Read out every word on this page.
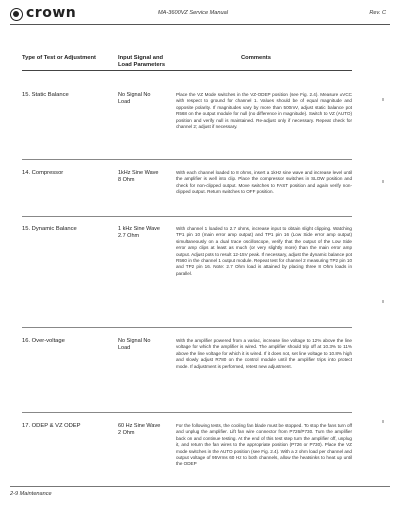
crown	MA-3600VZ Service Manual	Rev. C
Type of Test or Adjustment	Input Signal and Load Parameters
Comments
15. Static Balance	No Signal No Load
Place the VZ Mode switches in the VZ-ODEP position (see Fig. 2.4). Measure ±VCC with respect to ground for channel 1. Values should be of equal magnitude and opposite polarity. If magnitudes vary by more than 500mV, adjust static balance pot R568 on the output module for null (no difference in magnitude). Switch to VZ (AUTO) position and verify null is maintained. Re-adjust only if necessary. Repeat check for channel 2; adjust if necessary.
14. Compressor	1kHz Sine Wave 8 Ohm
With each channel loaded to 8 ohms, insert a 1kHz sine wave and increase level until the amplifier is well into clip. Place the compressor switches in SLOW position and check for non-clipped output. Move switches to FAST position and again verify non-clipped output. Return switches to OFF position.
15. Dynamic Balance	1 kHz Sine Wave 2.7 Ohm
With channel 1 loaded to 2.7 ohms, increase input to obtain slight clipping. Watching TP1 pin 10 (main error amp output) and TP1 pin 16 (Low Side error amp output) simultaneously on a dual trace oscilloscope, verify that the output of the Low Side error amp clips at least as much (or very slightly more) than the main error amp output. Adjust pots to result 12-15V peak. If necessary, adjust the dynamic balance pot R560 in the channel 1 output module. Repeat test for channel 2 measuring TP2 pin 10 and TP2 pin 16. Note: 2.7 Ohm load is attained by placing three 8 Ohm loads in parallel.
16. Over-voltage	No Signal No Load
With the amplifier powered from a variac, increase line voltage to 12% above the line voltage for which the amplifier is wired. The amplifier should trip off at 10.3% to 11% above the line voltage for which it is wired. If it does not, set line voltage to 10.8% high and slowly adjust R780 on the control module until the amplifier trips into protect mode. If adjustment is performed, retest new adjustment.
17. ODEP & VZ ODEP	60 Hz Sine Wave 2 Ohm
For the following tests, the cooling fan blade must be stopped. To stop the fans turn off and unplug the amplifier. Lift fan wire connector from P726/P730. Turn the amplifier back on and continue testing. At the end of this test step turn the amplifier off, unplug it, and return the fan wires to the appropriate position (P726 or P730). Place the VZ mode switches in the AUTO position (see Fig. 2.4). With a 2 ohm load per channel and output voltage of 95Vrms 60 Hz to both channels, allow the heatsinks to heat up until the ODEP
2-9 Maintenance
